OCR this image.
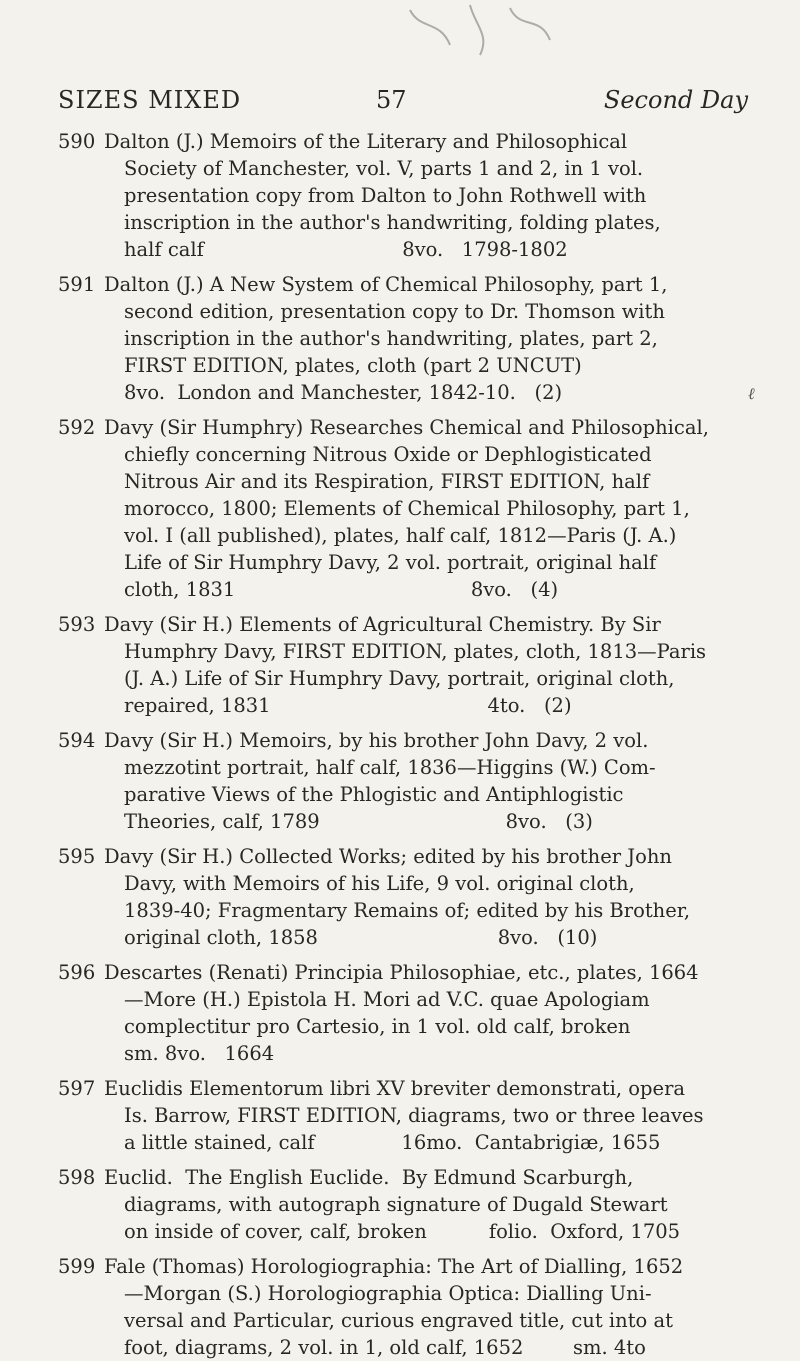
SIZES MIXED	57	Second Day
590 Dalton (J.) Memoirs of the Literary and Philosophical
Society of Manchester, vol. V, parts 1 and 2, in 1 vol.
presentation copy from Dalton to John Rothwell with
inscription in the author's handwriting, folding plates,
half calf                                8vo.   1798-1802
591 Dalton (J.) A New System of Chemical Philosophy, part 1,
second edition, presentation copy to Dr. Thomson with
inscription in the author's handwriting, plates, part 2,
FIRST EDITION, plates, cloth (part 2 UNCUT)
8vo.  London and Manchester, 1842-10.   (2)
592 Davy (Sir Humphry) Researches Chemical and Philosophical,
chiefly concerning Nitrous Oxide or Dephlogisticated
Nitrous Air and its Respiration, FIRST EDITION, half
morocco, 1800; Elements of Chemical Philosophy, part 1,
vol. I (all published), plates, half calf, 1812—Paris (J. A.)
Life of Sir Humphry Davy, 2 vol. portrait, original half
cloth, 1831                                      8vo.   (4)
593 Davy (Sir H.) Elements of Agricultural Chemistry. By Sir
Humphry Davy, FIRST EDITION, plates, cloth, 1813—Paris
(J. A.) Life of Sir Humphry Davy, portrait, original cloth,
repaired, 1831                                   4to.   (2)
594 Davy (Sir H.) Memoirs, by his brother John Davy, 2 vol.
mezzotint portrait, half calf, 1836—Higgins (W.) Com-
parative Views of the Phlogistic and Antiphlogistic
Theories, calf, 1789                              8vo.   (3)
595 Davy (Sir H.) Collected Works; edited by his brother John
Davy, with Memoirs of his Life, 9 vol. original cloth,
1839-40; Fragmentary Remains of; edited by his Brother,
original cloth, 1858                             8vo.   (10)
596 Descartes (Renati) Principia Philosophiae, etc., plates, 1664
—More (H.) Epistola H. Mori ad V.C. quae Apologiam
complectitur pro Cartesio, in 1 vol. old calf, broken
sm. 8vo.   1664
597 Euclidis Elementorum libri XV breviter demonstrati, opera
Is. Barrow, FIRST EDITION, diagrams, two or three leaves
a little stained, calf              16mo.  Cantabrigiæ, 1655
598 Euclid.  The English Euclide.  By Edmund Scarburgh,
diagrams, with autograph signature of Dugald Stewart
on inside of cover, calf, broken          folio.  Oxford, 1705
599 Fale (Thomas) Horologiographia: The Art of Dialling, 1652
—Morgan (S.) Horologiographia Optica: Dialling Uni-
versal and Particular, curious engraved title, cut into at
foot, diagrams, 2 vol. in 1, old calf, 1652        sm. 4to
ℓ
